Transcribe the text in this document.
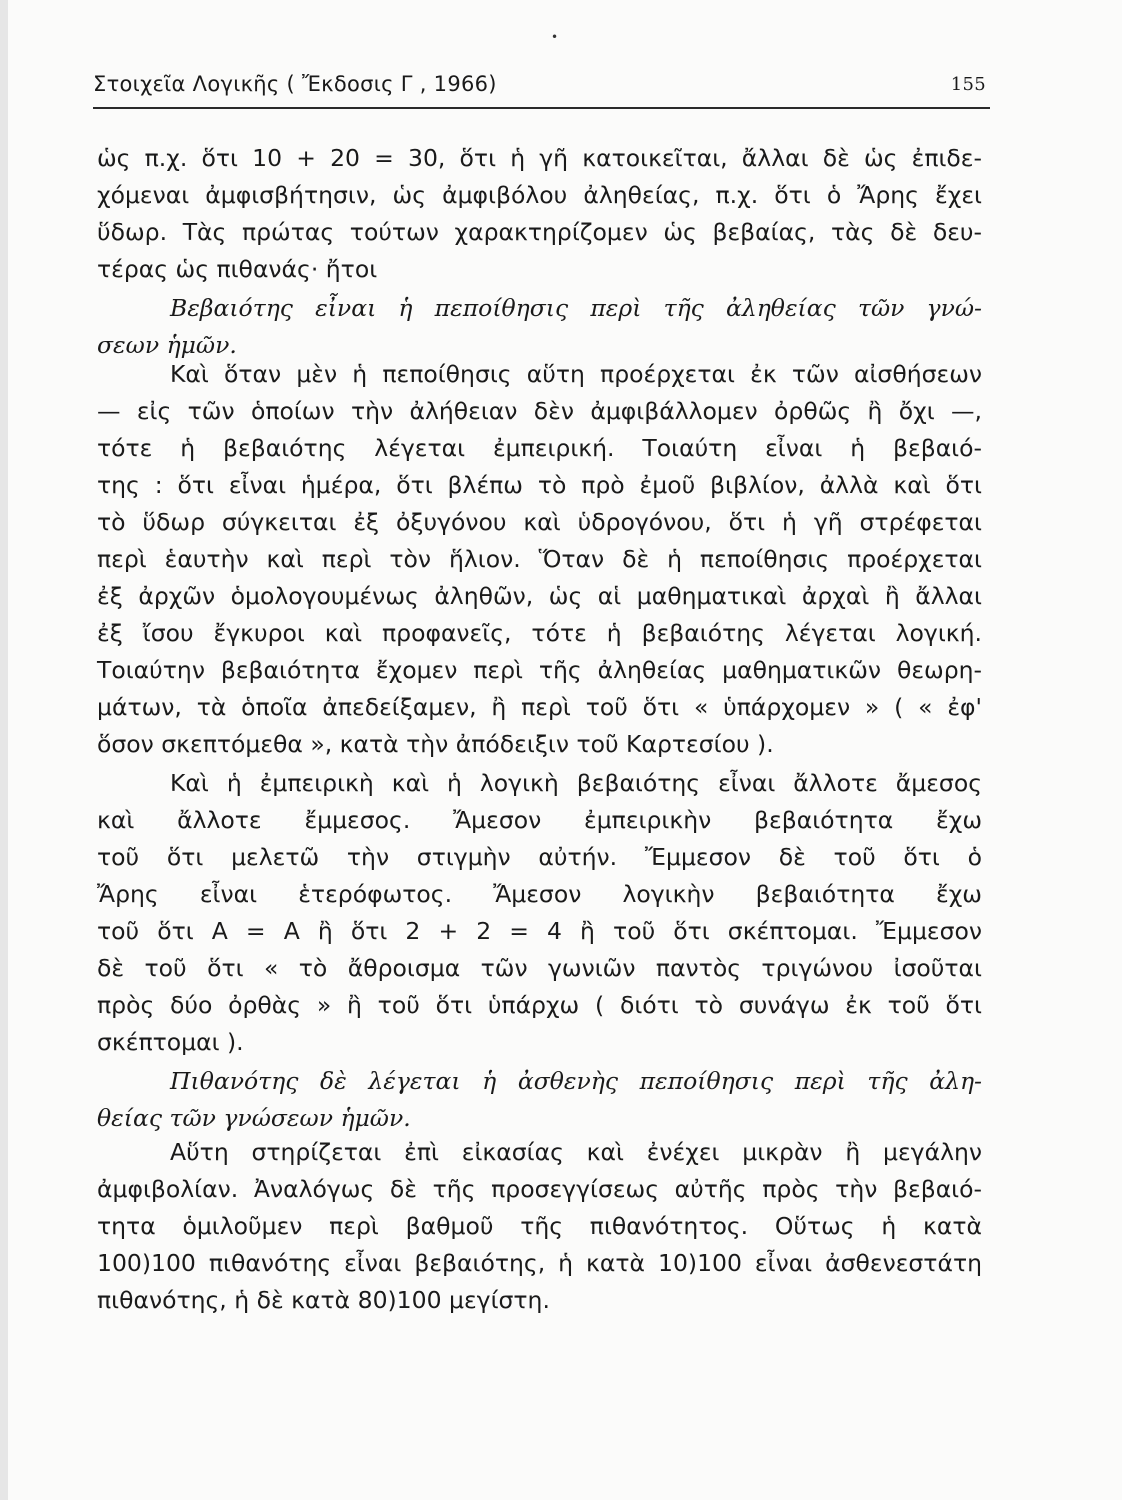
•
Στοιχεῖα Λογικῆς ( Ἔκδοσις Γ , 1966)	155
ὡς π.χ. ὅτι 10 + 20 = 30, ὅτι ἡ γῆ κατοικεῖται, ἄλλαι δὲ ὡς ἐπιδε-
χόμεναι ἀμφισβήτησιν, ὡς ἀμφιβόλου ἀληθείας, π.χ. ὅτι ὁ Ἄρης ἔχει
ὕδωρ. Τὰς πρώτας τούτων χαρακτηρίζομεν ὡς βεβαίας, τὰς δὲ δευ-
τέρας ὡς πιθανάς· ἤτοι
Βεβαιότης εἶναι ἡ πεποίθησις περὶ τῆς ἀληθείας τῶν γνώ-
σεων ἡμῶν.
Καὶ ὅταν μὲν ἡ πεποίθησις αὕτη προέρχεται ἐκ τῶν αἰσθήσεων
— εἰς τῶν ὁποίων τὴν ἀλήθειαν δὲν ἀμφιβάλλομεν ὀρθῶς ἢ ὄχι —,
τότε ἡ βεβαιότης λέγεται ἐμπειρική. Τοιαύτη εἶναι ἡ βεβαιό-
της : ὅτι εἶναι ἡμέρα, ὅτι βλέπω τὸ πρὸ ἐμοῦ βιβλίον, ἀλλὰ καὶ ὅτι
τὸ ὕδωρ σύγκειται ἐξ ὀξυγόνου καὶ ὑδρογόνου, ὅτι ἡ γῆ στρέφεται
περὶ ἑαυτὴν καὶ περὶ τὸν ἥλιον. Ὅταν δὲ ἡ πεποίθησις προέρχεται
ἐξ ἀρχῶν ὁμολογουμένως ἀληθῶν, ὡς αἱ μαθηματικαὶ ἀρχαὶ ἢ ἄλλαι
ἐξ ἴσου ἔγκυροι καὶ προφανεῖς, τότε ἡ βεβαιότης λέγεται λογική.
Τοιαύτην βεβαιότητα ἔχομεν περὶ τῆς ἀληθείας μαθηματικῶν θεωρη-
μάτων, τὰ ὁποῖα ἀπεδείξαμεν, ἢ περὶ τοῦ ὅτι « ὑπάρχομεν » ( « ἐφ'
ὅσον σκεπτόμεθα », κατὰ τὴν ἀπόδειξιν τοῦ Καρτεσίου ).
Καὶ ἡ ἐμπειρικὴ καὶ ἡ λογικὴ βεβαιότης εἶναι ἄλλοτε ἄμεσος
καὶ ἄλλοτε ἔμμεσος. Ἄμεσον ἐμπειρικὴν βεβαιότητα ἔχω
τοῦ ὅτι μελετῶ τὴν στιγμὴν αὐτήν. Ἔμμεσον δὲ τοῦ ὅτι ὁ
Ἄρης εἶναι ἑτερόφωτος. Ἄμεσον λογικὴν βεβαιότητα ἔχω
τοῦ ὅτι Α = Α ἢ ὅτι 2 + 2 = 4 ἢ τοῦ ὅτι σκέπτομαι. Ἔμμεσον
δὲ τοῦ ὅτι « τὸ ἄθροισμα τῶν γωνιῶν παντὸς τριγώνου ἰσοῦται
πρὸς δύο ὀρθὰς » ἢ τοῦ ὅτι ὑπάρχω ( διότι τὸ συνάγω ἐκ τοῦ ὅτι
σκέπτομαι ).
Πιθανότης δὲ λέγεται ἡ ἀσθενὴς πεποίθησις περὶ τῆς ἀλη-
θείας τῶν γνώσεων ἡμῶν.
Αὕτη στηρίζεται ἐπὶ εἰκασίας καὶ ἐνέχει μικρὰν ἢ μεγάλην
ἀμφιβολίαν. Ἀναλόγως δὲ τῆς προσεγγίσεως αὐτῆς πρὸς τὴν βεβαιό-
τητα ὁμιλοῦμεν περὶ βαθμοῦ τῆς πιθανότητος. Οὕτως ἡ κατὰ
100)100 πιθανότης εἶναι βεβαιότης, ἡ κατὰ 10)100 εἶναι ἀσθενεστάτη
πιθανότης, ἡ δὲ κατὰ 80)100 μεγίστη.
